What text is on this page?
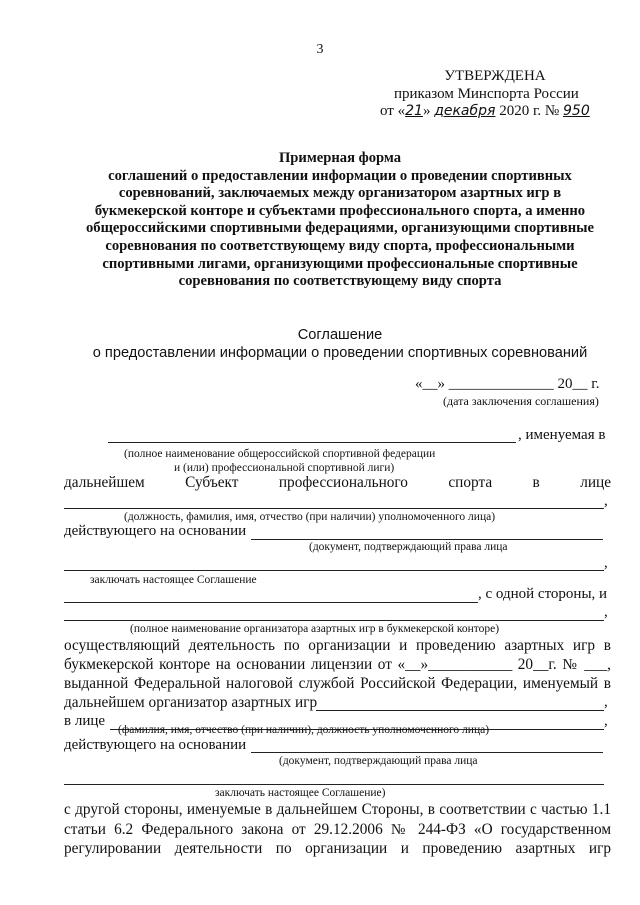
3
УТВЕРЖДЕНА
приказом Минспорта России
от «21» декабря 2020 г. № 950
Примерная форма
соглашений о предоставлении информации о проведении спортивных
соревнований, заключаемых между организатором азартных игр в
букмекерской конторе и субъектами профессионального спорта, а именно
общероссийскими спортивными федерациями, организующими спортивные
соревнования по соответствующему виду спорта, профессиональными
спортивными лигами, организующими профессиональные спортивные
соревнования по соответствующему виду спорта
Соглашение
о предоставлении информации о проведении спортивных соревнований
«__» ______________ 20__ г.
(дата заключения соглашения)
, именуемая в
(полное наименование общероссийской спортивной федерации
и (или) профессиональной спортивной лиги)
дальнейшем	Субъект	профессионального	спорта	в	лице
,
(должность, фамилия, имя, отчество (при наличии) уполномоченного лица)
действующего на основании
(документ, подтверждающий права лица
,
заключать настоящее Соглашение
, с одной стороны, и
,
(полное наименование организатора азартных игр в букмекерской конторе)
осуществляющий деятельность по организации и проведению азартных игр в
букмекерской конторе на основании лицензии от «__»___________ 20__г. № ___,
выданной Федеральной налоговой службой Российской Федерации, именуемый в
дальнейшем организатор азартных игр	,
в лице	,
(фамилия, имя, отчество (при наличии), должность уполномоченного лица)
действующего на основании
(документ, подтверждающий права лица
заключать настоящее Соглашение)
с другой стороны, именуемые в дальнейшем Стороны, в соответствии с частью 1.1
статьи 6.2 Федерального закона от 29.12.2006 № 244-ФЗ «О государственном
регулировании деятельности по организации и проведению азартных игр
